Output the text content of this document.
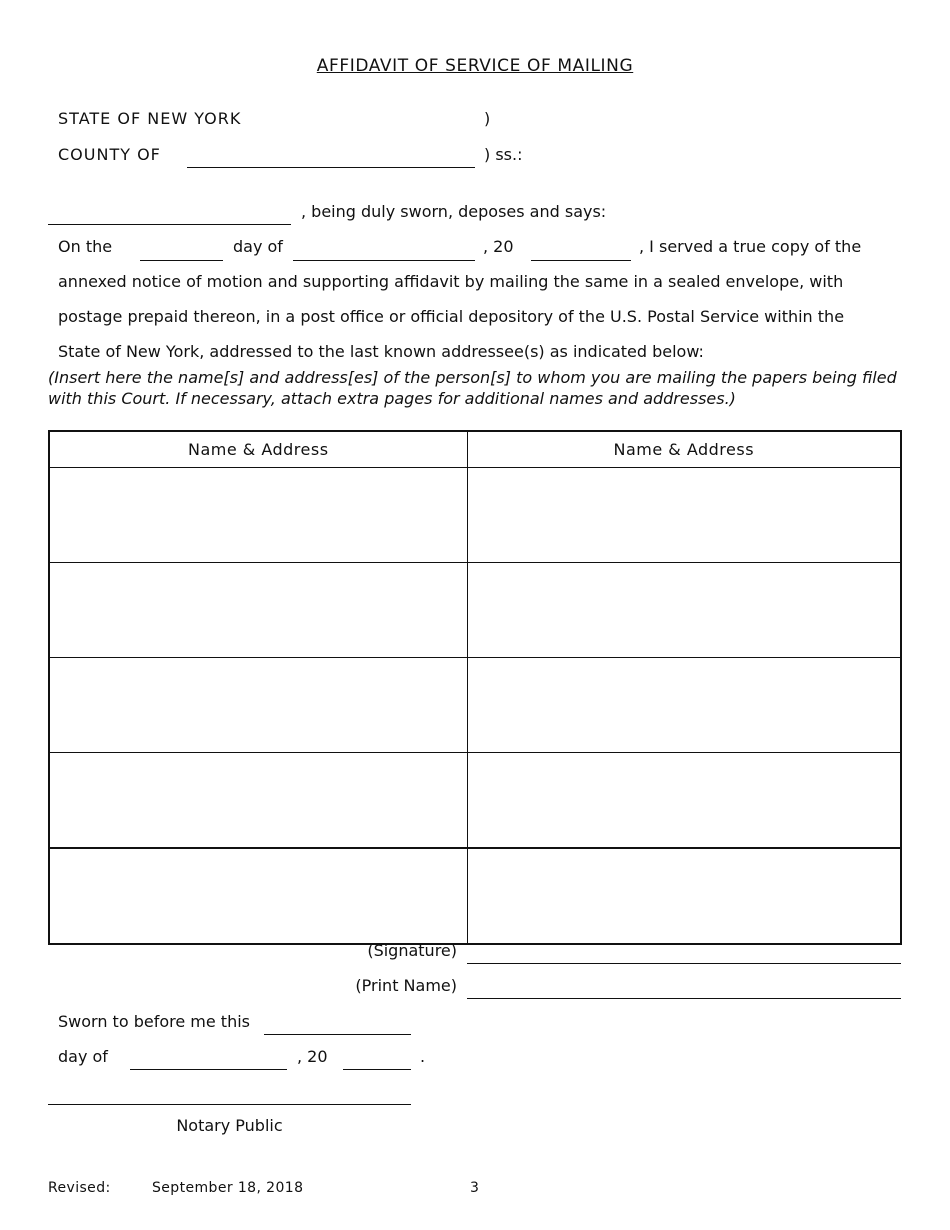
AFFIDAVIT OF SERVICE OF MAILING
STATE OF NEW YORK	)
COUNTY OF	) ss.:
, being duly sworn, deposes and says:
On the	day of	, 20	, I served a true copy of the
annexed notice of motion and supporting affidavit by mailing the same in a sealed envelope, with
postage prepaid thereon, in a post office or official depository of the U.S. Postal Service within the
State of New York, addressed to the last known addressee(s) as indicated below:
(Insert here the name[s] and address[es] of the person[s] to whom you are mailing the papers being filed with this Court. If necessary, attach extra pages for additional names and addresses.)
Name & Address	Name & Address

(Signature)
(Print Name)
Sworn to before me this
day of	, 20	.
Notary Public
Revised:	September 18, 2018	3
